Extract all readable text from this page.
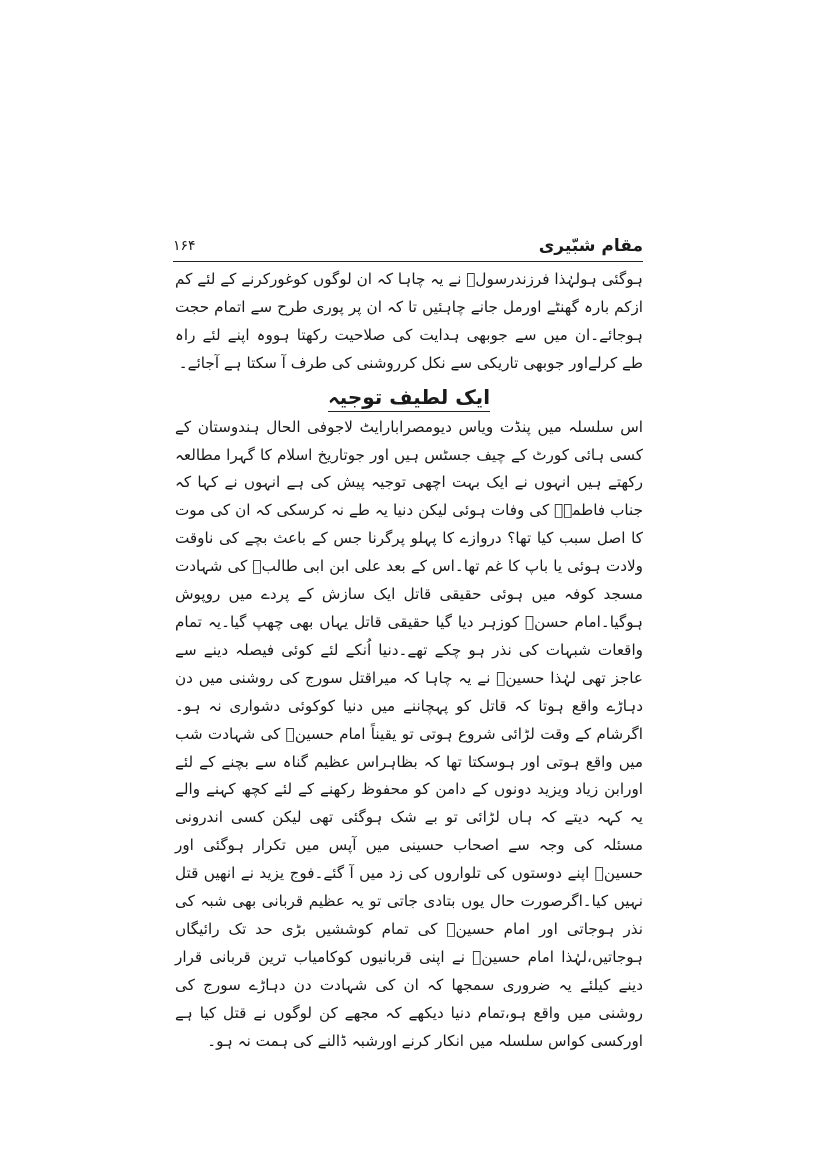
مقام شبّیری
۱۶۴

ہوگئی ہولہٰذا فرزندرسولؐ نے یہ چاہا کہ ان لوگوں کوغورکرنے کے لئے کم ازکم بارہ گھنٹے اورمل جانے چاہئیں تا کہ ان پر پوری طرح سے اتمام حجت ہوجائے۔ان میں سے جوبھی ہدایت کی صلاحیت رکھتا ہووہ اپنے لئے راہ طے کرلےاور جوبھی تاریکی سے نکل کرروشنی کی طرف آ سکتا ہے آجائے۔

ایک لطیف توجیہ

اس سلسلہ میں پنڈت ویاس دیومصرابارایٹ لاجوفی الحال ہندوستان کے کسی ہائی کورٹ کے چیف جسٹس ہیں اور جوتاریخ اسلام کا گہرا مطالعہ رکھتے ہیں انہوں نے ایک بہت اچھی توجیہ پیش کی ہے انہوں نے کہا کہ جناب فاطمہؑ کی وفات ہوئی لیکن دنیا یہ طے نہ کرسکی کہ ان کی موت کا اصل سبب کیا تھا؟ دروازے کا پہلو پرگرنا جس کے باعث بچے کی ناوقت ولادت ہوئی یا باپ کا غم تھا۔اس کے بعد علی ابن ابی طالبؑ کی شہادت مسجد کوفہ میں ہوئی حقیقی قاتل ایک سازش کے پردے میں روپوش ہوگیا۔امام حسنؑ کوزہر دیا گیا حقیقی قاتل یہاں بھی چھپ گیا۔یہ تمام واقعات شبہات کی نذر ہو چکے تھے۔دنیا اُنکے لئے کوئی فیصلہ دینے سے عاجز تھی لہٰذا حسینؑ نے یہ چاہا کہ میراقتل سورج کی روشنی میں دن دہاڑے واقع ہوتا کہ قاتل کو پہچاننے میں دنیا کوکوئی دشواری نہ ہو۔اگرشام کے وقت لڑائی شروع ہوتی تو یقیناً امام حسینؑ کی شہادت شب میں واقع ہوتی اور ہوسکتا تھا کہ بظاہراس عظیم گناہ سے بچنے کے لئے اورابن زیاد ویزید دونوں کے دامن کو محفوظ رکھنے کے لئے کچھ کہنے والے یہ کہہ دیتے کہ ہاں لڑائی تو بے شک ہوگئی تھی لیکن کسی اندرونی مسئلہ کی وجہ سے اصحاب حسینی میں آپس میں تکرار ہوگئی اور حسینؑ اپنے دوستوں کی تلواروں کی زد میں آ گئے۔فوج یزید نے انھیں قتل نہیں کیا۔اگرصورت حال یوں بتادی جاتی تو یہ عظیم قربانی بھی شبہ کی نذر ہوجاتی اور امام حسینؑ کی تمام کوششیں بڑی حد تک رائیگاں ہوجاتیں،لہٰذا امام حسینؑ نے اپنی قربانیوں کوکامیاب ترین قربانی قرار دینے کیلئے یہ ضروری سمجھا کہ ان کی شہادت دن دہاڑے سورج کی روشنی میں واقع ہو،تمام دنیا دیکھے کہ مجھے کن لوگوں نے قتل کیا ہے اورکسی کواس سلسلہ میں انکار کرنے اورشبہ ڈالنے کی ہمت نہ ہو۔
